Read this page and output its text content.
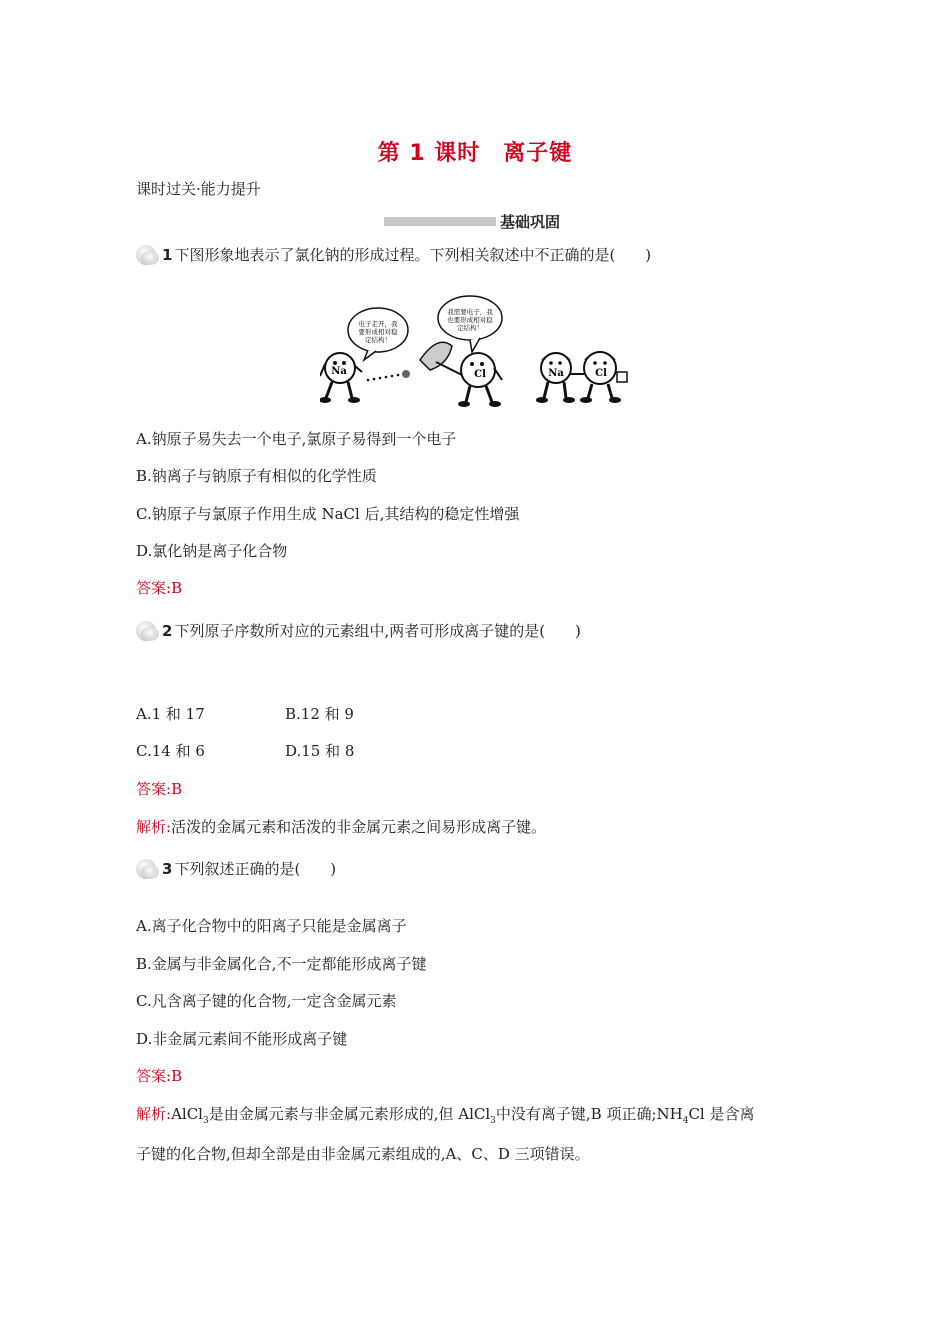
第 1 课时　离子键
课时过关·能力提升
基础巩固
1 下图形象地表示了氯化钠的形成过程。下列相关叙述中不正确的是(　　)
电子走开，我
要形成相对稳
定结构！
我需要电子，我
也要形成相对稳
定结构！
Na	Cl	Na	Cl
A.钠原子易失去一个电子,氯原子易得到一个电子
B.钠离子与钠原子有相似的化学性质
C.钠原子与氯原子作用生成 NaCl 后,其结构的稳定性增强
D.氯化钠是离子化合物
答案:B
2 下列原子序数所对应的元素组中,两者可形成离子键的是(　　)
A.1 和 17	B.12 和 9
C.14 和 6	D.15 和 8
答案:B
解析:活泼的金属元素和活泼的非金属元素之间易形成离子键。
3 下列叙述正确的是(　　)
A.离子化合物中的阳离子只能是金属离子
B.金属与非金属化合,不一定都能形成离子键
C.凡含离子键的化合物,一定含金属元素
D.非金属元素间不能形成离子键
答案:B
解析:AlCl$_3$是由金属元素与非金属元素形成的,但 AlCl$_3$中没有离子键,B 项正确$;NH_4Cl$ 是含离
子键的化合物,但却全部是由非金属元素组成的,A、C、D 三项错误。
